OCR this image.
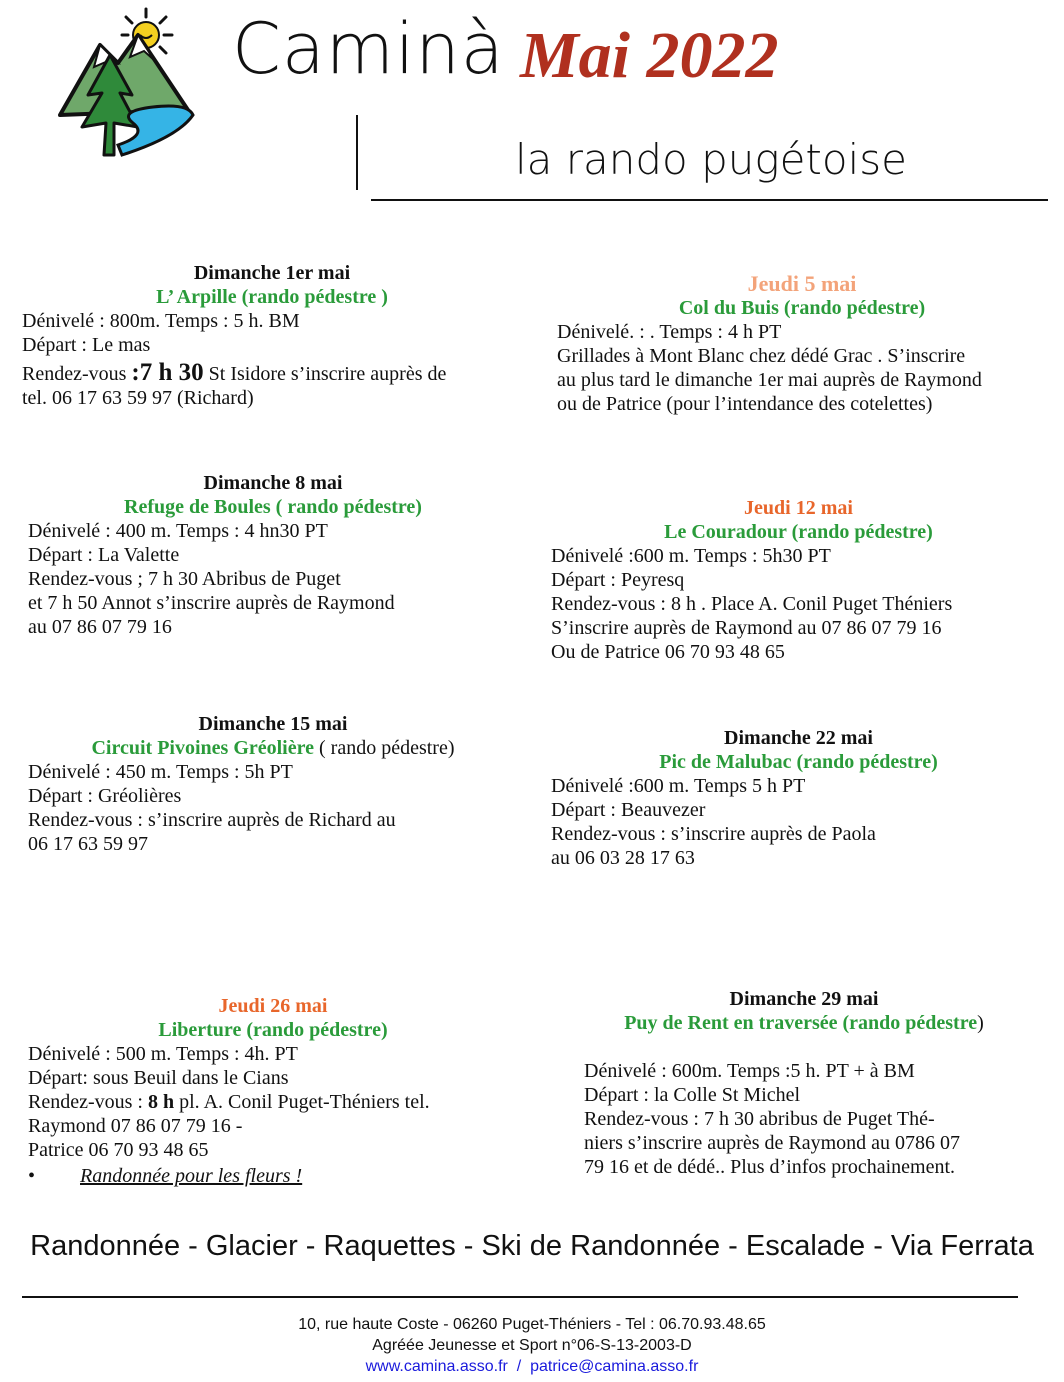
Caminà Mai 2022
la rando pugétoise
Dimanche 1er mai
L’ Arpille (rando pédestre )
Dénivelé : 800m. Temps : 5 h. BM
Départ : Le mas
Rendez-vous :7 h 30 St Isidore s’inscrire auprès de
tel. 06 17 63 59 97 (Richard)
Jeudi 5 mai
Col du Buis (rando pédestre)
Dénivelé. : . Temps : 4 h PT
Grillades à Mont Blanc chez dédé Grac . S’inscrire
au plus tard le dimanche 1er mai auprès de Raymond
ou de Patrice (pour l’intendance des cotelettes)
Dimanche 8 mai
Refuge de Boules ( rando pédestre)
Dénivelé : 400 m. Temps : 4 hn30 PT
Départ : La Valette
Rendez-vous ; 7 h 30 Abribus de Puget
et 7 h 50 Annot s’inscrire auprès de Raymond
au 07 86 07 79 16
Jeudi 12 mai
Le Couradour (rando pédestre)
Dénivelé :600 m. Temps : 5h30 PT
Départ : Peyresq
Rendez-vous : 8 h . Place A. Conil Puget Théniers
S’inscrire auprès de Raymond au 07 86 07 79 16
Ou de Patrice 06 70 93 48 65
Dimanche 15 mai
Circuit Pivoines Gréolière ( rando pédestre)
Dénivelé : 450 m. Temps : 5h PT
Départ : Gréolières
Rendez-vous : s’inscrire auprès de Richard au
06 17 63 59 97
Dimanche 22 mai
Pic de Malubac (rando pédestre)
Dénivelé :600 m. Temps 5 h PT
Départ : Beauvezer
Rendez-vous : s’inscrire auprès de Paola
au 06 03 28 17 63
Jeudi 26 mai
Liberture (rando pédestre)
Dénivelé : 500 m. Temps : 4h. PT
Départ: sous Beuil dans le Cians
Rendez-vous : 8 h pl. A. Conil Puget-Théniers tel.
Raymond 07 86 07 79 16 -
Patrice 06 70 93 48 65
• Randonnée pour les fleurs !
Dimanche 29 mai
Puy de Rent en traversée (rando pédestre)
Dénivelé : 600m. Temps :5 h. PT + à BM
Départ : la Colle St Michel
Rendez-vous : 7 h 30 abribus de Puget Thé-
niers s’inscrire auprès de Raymond au 0786 07
79 16 et de dédé.. Plus d’infos prochainement.
Randonnée - Glacier - Raquettes - Ski de Randonnée - Escalade - Via Ferrata
10, rue haute Coste - 06260 Puget-Théniers - Tel : 06.70.93.48.65
Agréée Jeunesse et Sport n°06-S-13-2003-D
www.camina.asso.fr  /  patrice@camina.asso.fr
